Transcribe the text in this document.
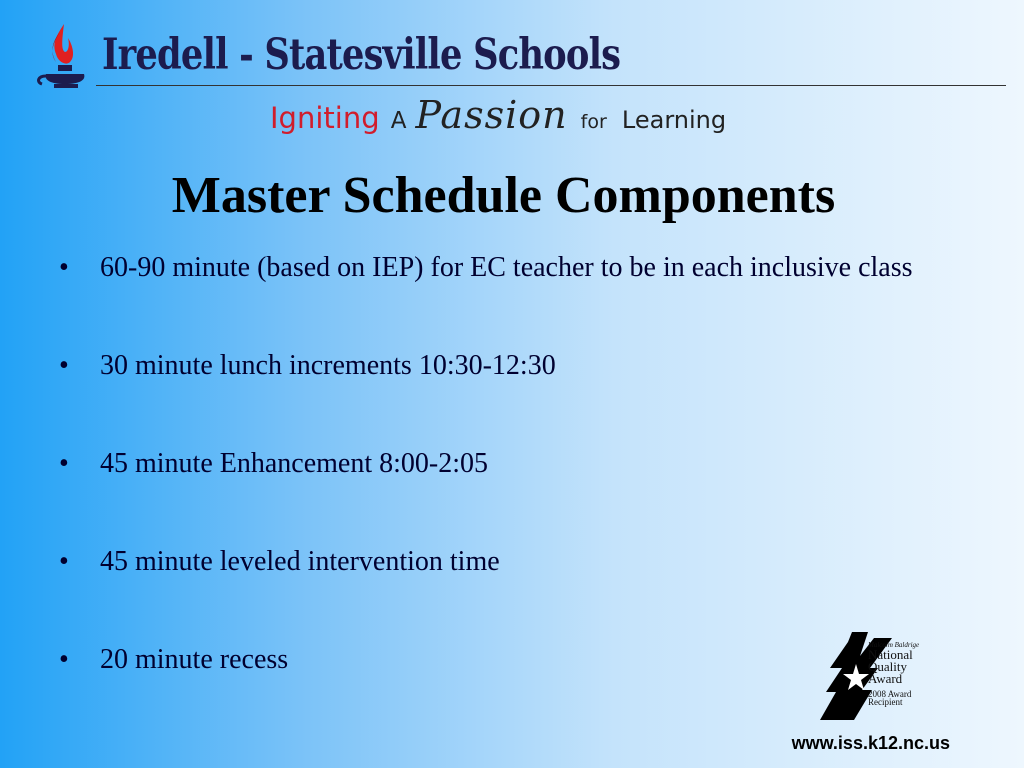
Iredell - Statesville Schools
Igniting A Passion for Learning
Master Schedule Components
• 60-90 minute (based on IEP) for EC teacher to be in each inclusive class
• 30 minute lunch increments 10:30-12:30
• 45 minute Enhancement 8:00-2:05
• 45 minute leveled intervention time
• 20 minute recess	Malcolm Baldrige
National
Quality
Award
2008 Award
Recipient
www.iss.k12.nc.us
